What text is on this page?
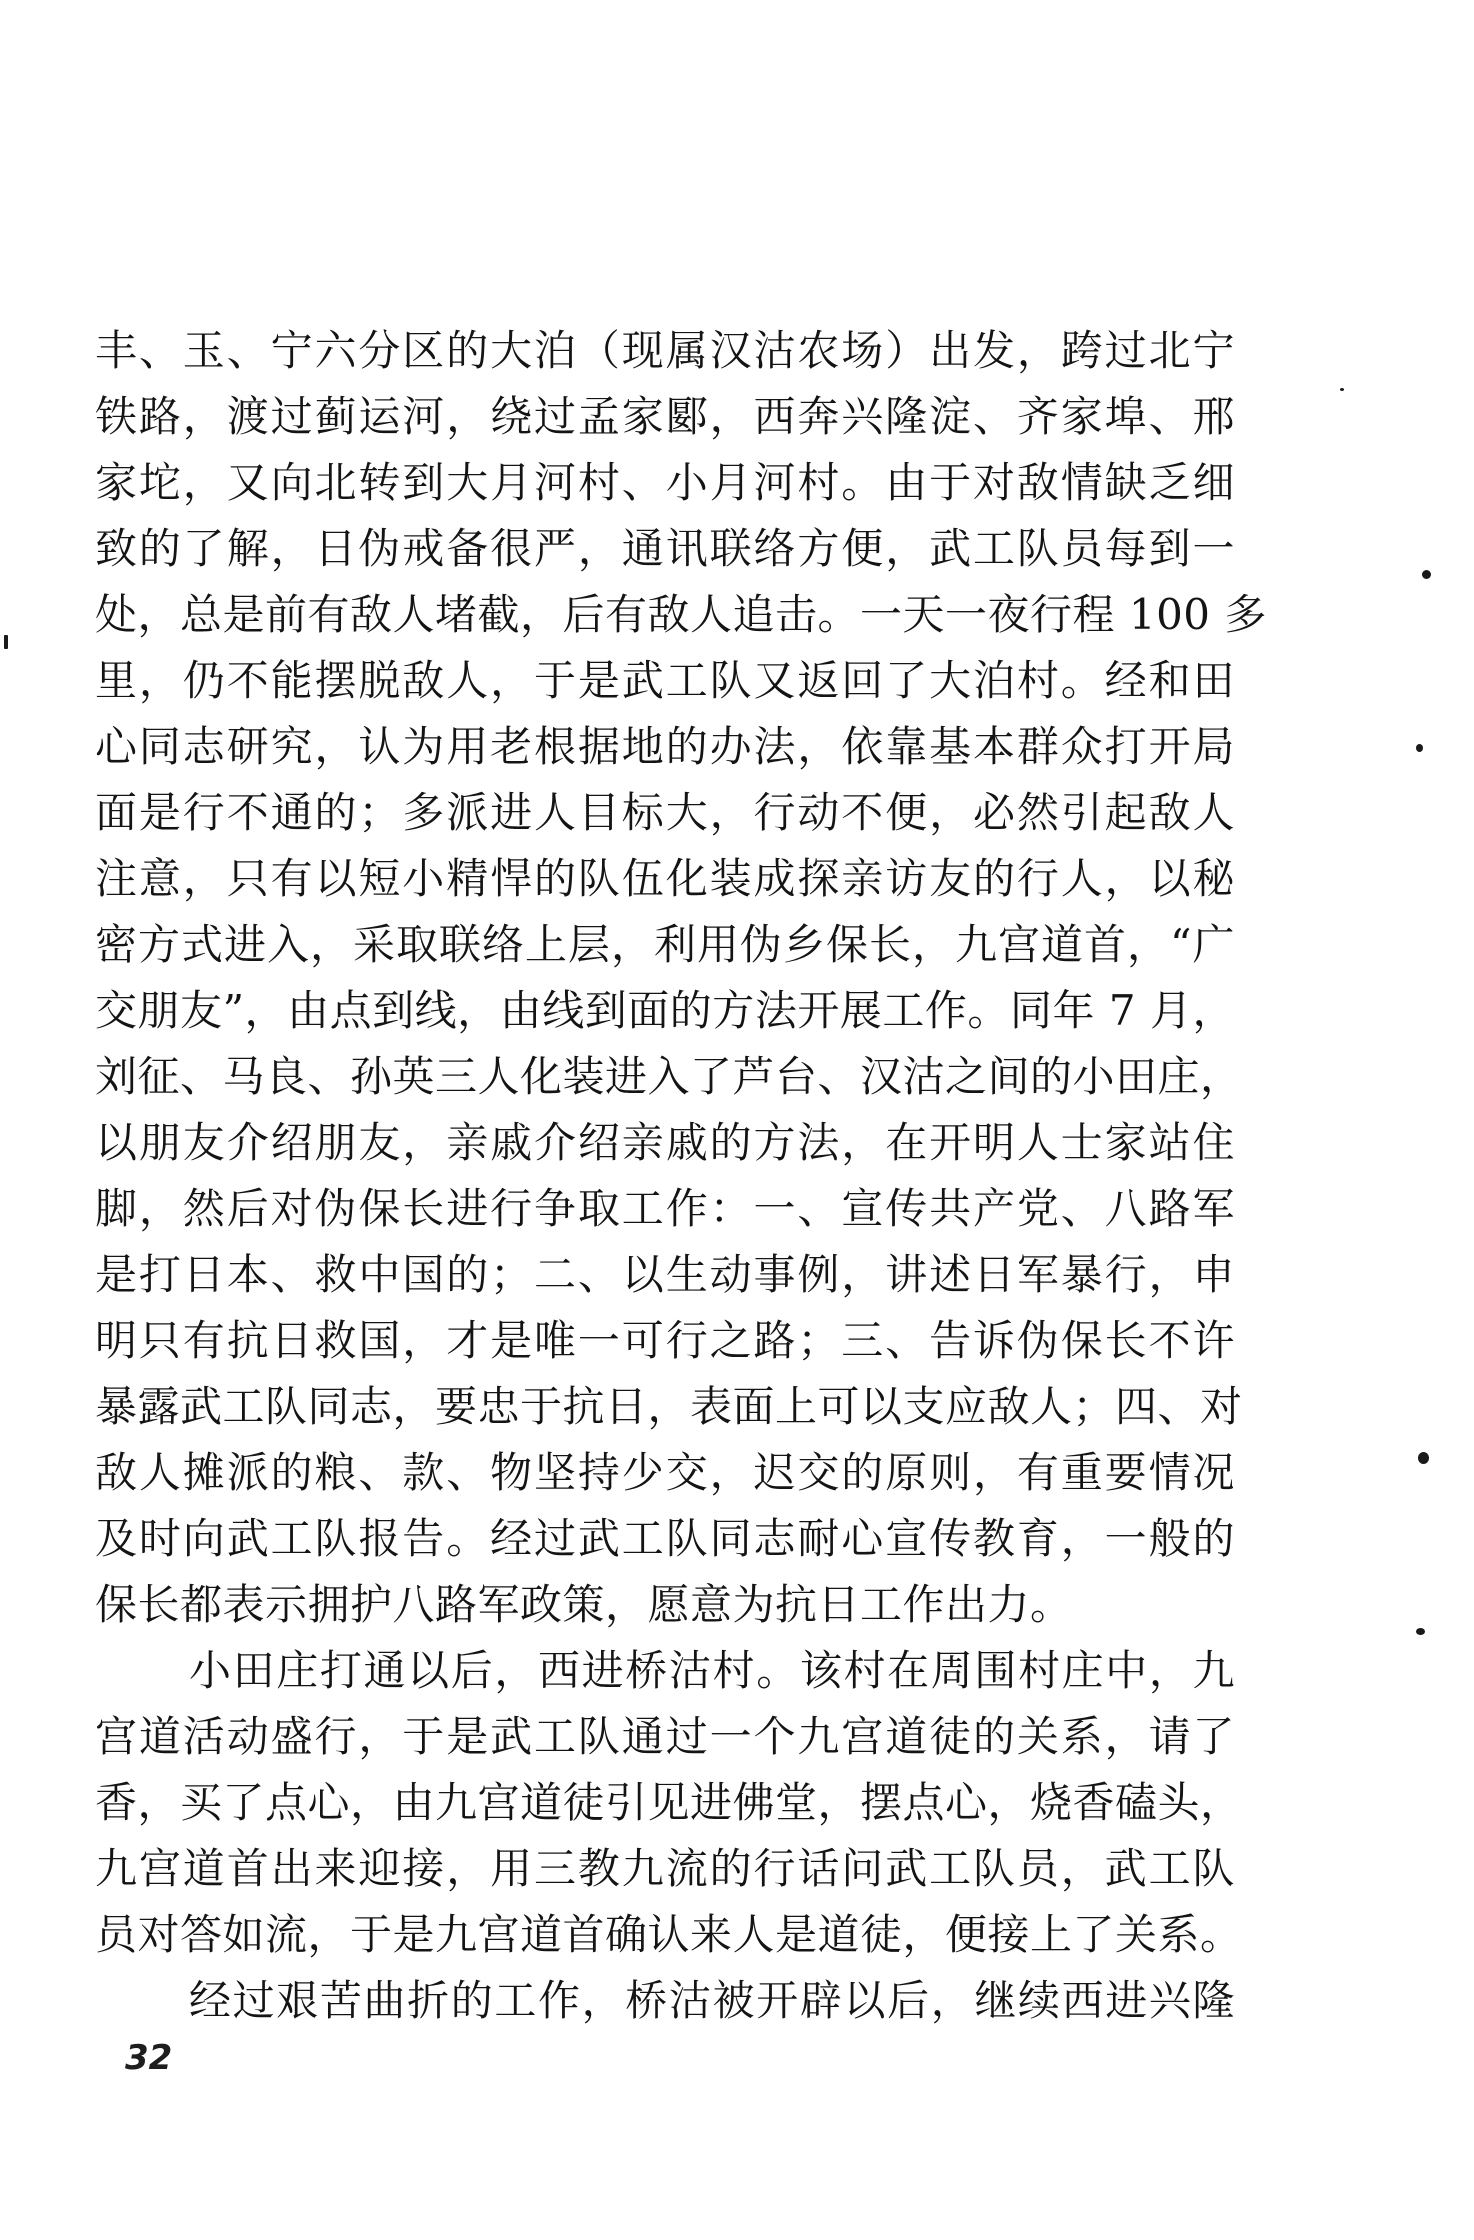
丰、玉、宁六分区的大泊（现属汉沽农场）出发，跨过北宁
铁路，渡过蓟运河，绕过孟家郾，西奔兴隆淀、齐家埠、邢
家坨，又向北转到大月河村、小月河村。由于对敌情缺乏细
致的了解，日伪戒备很严，通讯联络方便，武工队员每到一
处，总是前有敌人堵截，后有敌人追击。一天一夜行程 100 多
里，仍不能摆脱敌人，于是武工队又返回了大泊村。经和田
心同志研究，认为用老根据地的办法，依靠基本群众打开局
面是行不通的；多派进人目标大，行动不便，必然引起敌人
注意，只有以短小精悍的队伍化装成探亲访友的行人，以秘
密方式进入，采取联络上层，利用伪乡保长，九宫道首，“广
交朋友”，由点到线，由线到面的方法开展工作。同年 7 月，
刘征、马良、孙英三人化装进入了芦台、汉沽之间的小田庄，
以朋友介绍朋友，亲戚介绍亲戚的方法，在开明人士家站住
脚，然后对伪保长进行争取工作：一、宣传共产党、八路军
是打日本、救中国的；二、以生动事例，讲述日军暴行，申
明只有抗日救国，才是唯一可行之路；三、告诉伪保长不许
暴露武工队同志，要忠于抗日，表面上可以支应敌人；四、对
敌人摊派的粮、款、物坚持少交，迟交的原则，有重要情况
及时向武工队报告。经过武工队同志耐心宣传教育，一般的
保长都表示拥护八路军政策，愿意为抗日工作出力。
小田庄打通以后，西进桥沽村。该村在周围村庄中，九
宫道活动盛行，于是武工队通过一个九宫道徒的关系，请了
香，买了点心，由九宫道徒引见进佛堂，摆点心，烧香磕头，
九宫道首出来迎接，用三教九流的行话问武工队员，武工队
员对答如流，于是九宫道首确认来人是道徒，便接上了关系。
经过艰苦曲折的工作，桥沽被开辟以后，继续西进兴隆
32
